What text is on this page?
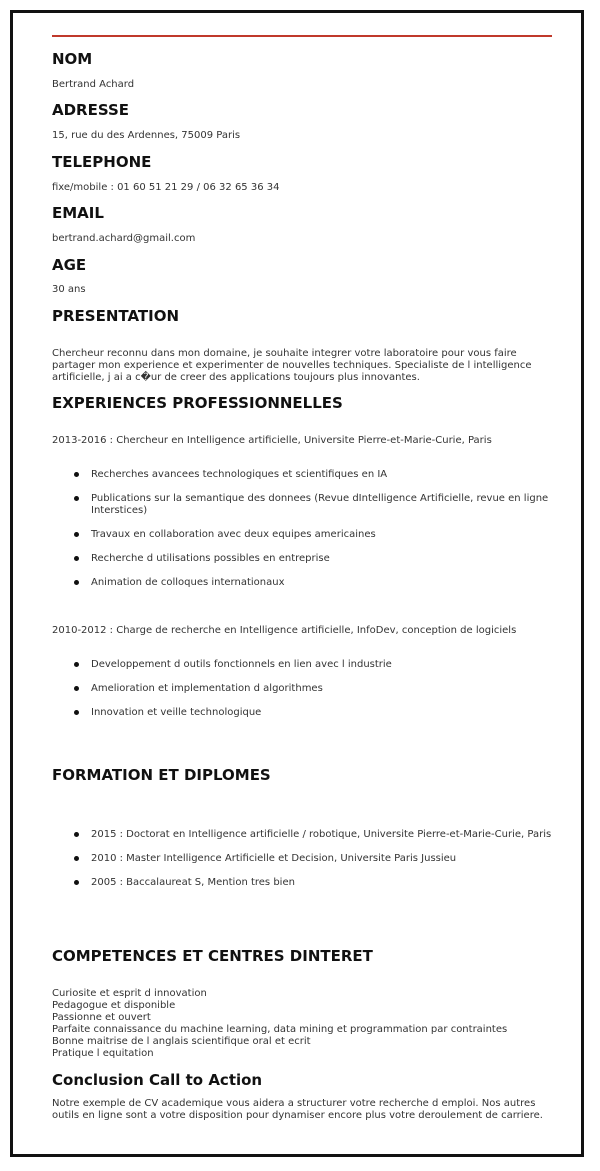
NOM
Bertrand Achard
ADRESSE
15, rue du des Ardennes, 75009 Paris
TELEPHONE
fixe/mobile : 01 60 51 21 29 / 06 32 65 36 34
EMAIL
bertrand.achard@gmail.com
AGE
30 ans
PRESENTATION
Chercheur reconnu dans mon domaine, je souhaite integrer votre laboratoire pour vous faire partager mon experience et experimenter de nouvelles techniques. Specialiste de l intelligence artificielle, j ai a c�ur de creer des applications toujours plus innovantes.
EXPERIENCES PROFESSIONNELLES
2013-2016 : Chercheur en Intelligence artificielle, Universite Pierre-et-Marie-Curie, Paris
Recherches avancees technologiques et scientifiques en IA
Publications sur la semantique des donnees (Revue dIntelligence Artificielle, revue en ligne Interstices)
Travaux en collaboration avec deux equipes americaines
Recherche d utilisations possibles en entreprise
Animation de colloques internationaux
2010-2012 : Charge de recherche en Intelligence artificielle, InfoDev, conception de logiciels
Developpement d outils fonctionnels en lien avec l industrie
Amelioration et implementation d algorithmes
Innovation et veille technologique
FORMATION ET DIPLOMES
2015 : Doctorat en Intelligence artificielle / robotique, Universite Pierre-et-Marie-Curie, Paris
2010 : Master Intelligence Artificielle et Decision, Universite Paris Jussieu
2005 : Baccalaureat S, Mention tres bien
COMPETENCES ET CENTRES DINTERET
Curiosite et esprit d innovation
Pedagogue et disponible
Passionne et ouvert
Parfaite connaissance du machine learning, data mining et programmation par contraintes
Bonne maitrise de l anglais scientifique oral et ecrit
Pratique l equitation
Conclusion Call to Action
Notre exemple de CV academique vous aidera a structurer votre recherche d emploi. Nos autres outils en ligne sont a votre disposition pour dynamiser encore plus votre deroulement de carriere.
